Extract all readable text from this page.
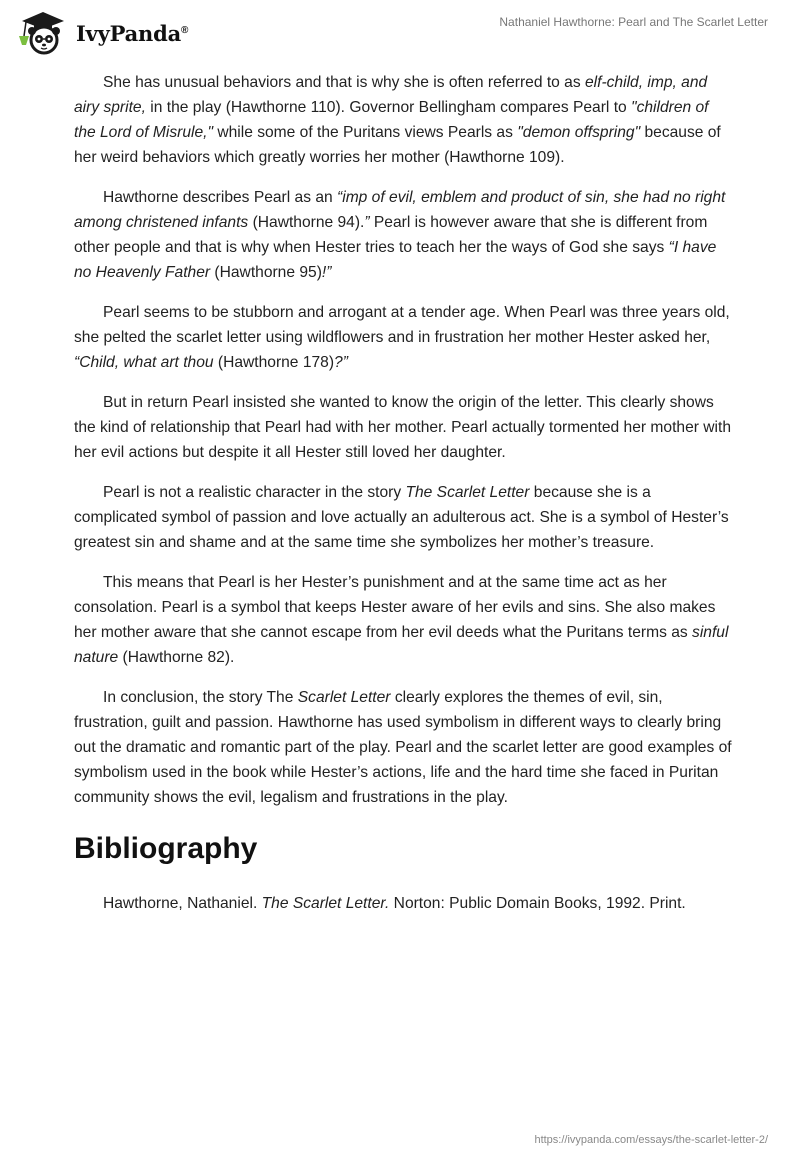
IvyPanda®
Nathaniel Hawthorne: Pearl and The Scarlet Letter

She has unusual behaviors and that is why she is often referred to as elf-child, imp, and airy sprite, in the play (Hawthorne 110). Governor Bellingham compares Pearl to "children of the Lord of Misrule," while some of the Puritans views Pearls as "demon offspring" because of her weird behaviors which greatly worries her mother (Hawthorne 109).

Hawthorne describes Pearl as an “imp of evil, emblem and product of sin, she had no right among christened infants (Hawthorne 94).” Pearl is however aware that she is different from other people and that is why when Hester tries to teach her the ways of God she says “I have no Heavenly Father (Hawthorne 95)!”

Pearl seems to be stubborn and arrogant at a tender age. When Pearl was three years old, she pelted the scarlet letter using wildflowers and in frustration her mother Hester asked her, “Child, what art thou (Hawthorne 178)?”

But in return Pearl insisted she wanted to know the origin of the letter. This clearly shows the kind of relationship that Pearl had with her mother. Pearl actually tormented her mother with her evil actions but despite it all Hester still loved her daughter.

Pearl is not a realistic character in the story The Scarlet Letter because she is a complicated symbol of passion and love actually an adulterous act. She is a symbol of Hester’s greatest sin and shame and at the same time she symbolizes her mother’s treasure.

This means that Pearl is her Hester’s punishment and at the same time act as her consolation. Pearl is a symbol that keeps Hester aware of her evils and sins. She also makes her mother aware that she cannot escape from her evil deeds what the Puritans terms as sinful nature (Hawthorne 82).

In conclusion, the story The Scarlet Letter clearly explores the themes of evil, sin, frustration, guilt and passion. Hawthorne has used symbolism in different ways to clearly bring out the dramatic and romantic part of the play. Pearl and the scarlet letter are good examples of symbolism used in the book while Hester’s actions, life and the hard time she faced in Puritan community shows the evil, legalism and frustrations in the play.

Bibliography

Hawthorne, Nathaniel. The Scarlet Letter. Norton: Public Domain Books, 1992. Print.

https://ivypanda.com/essays/the-scarlet-letter-2/
